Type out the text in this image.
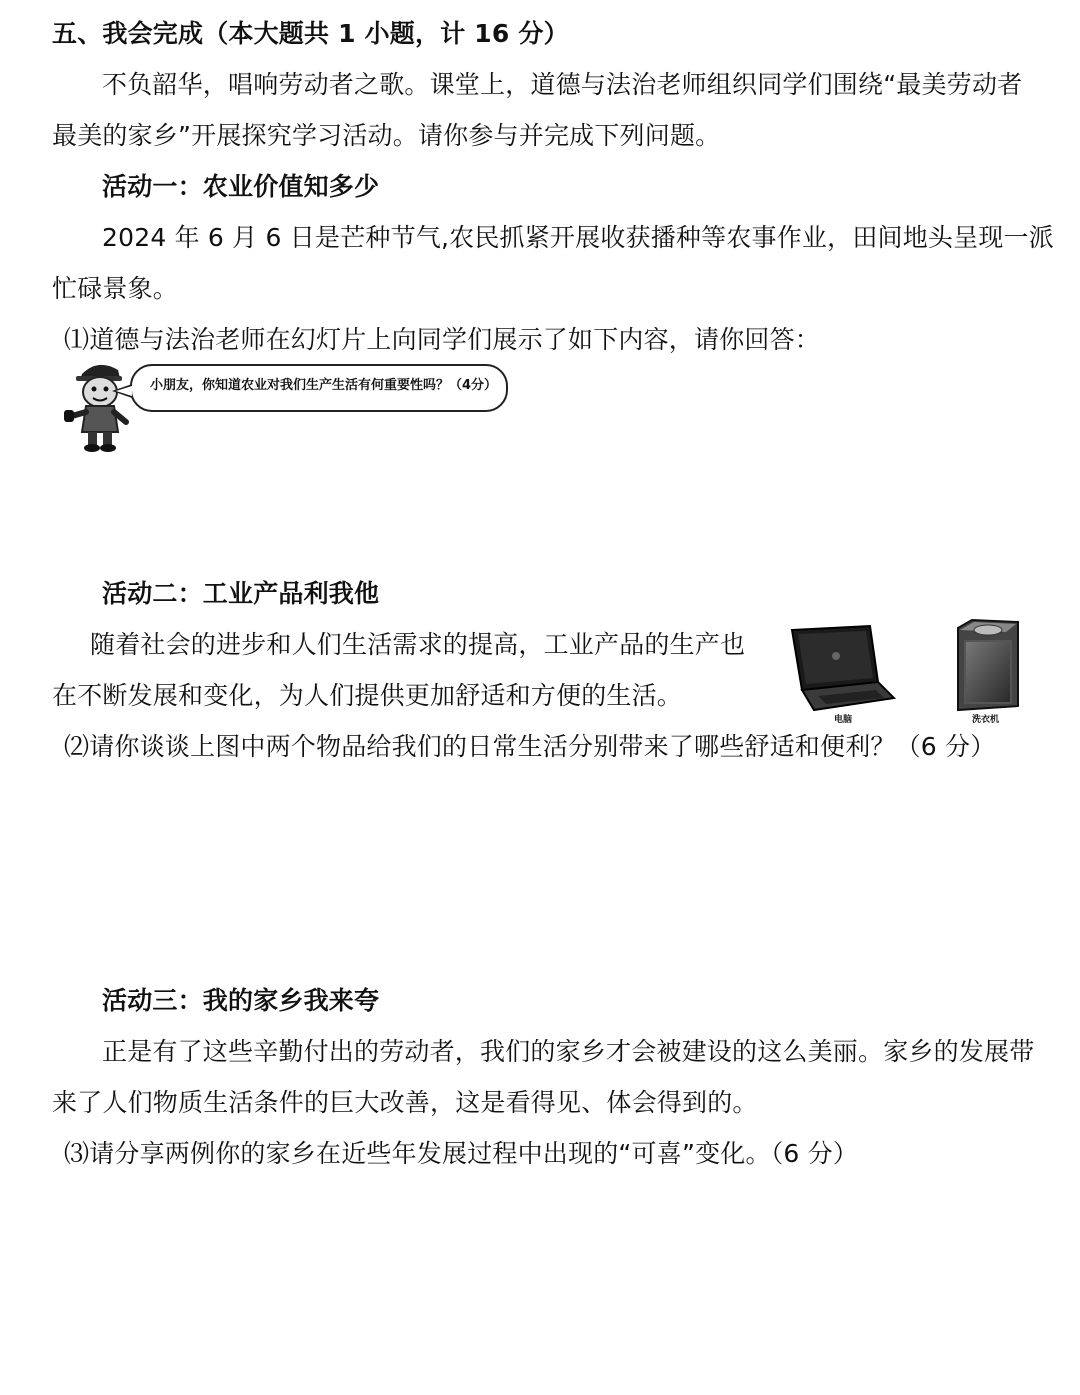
五、我会完成（本大题共 1 小题，计 16 分）
不负韶华，唱响劳动者之歌。课堂上，道德与法治老师组织同学们围绕“最美劳动者
最美的家乡”开展探究学习活动。请你参与并完成下列问题。
活动一：农业价值知多少
2024 年 6 月 6 日是芒种节气,农民抓紧开展收获播种等农事作业，田间地头呈现一派
忙碌景象。
⑴道德与法治老师在幻灯片上向同学们展示了如下内容，请你回答：
小朋友，你知道农业对我们生产生活有何重要性吗？（4分）
活动二：工业产品利我他
随着社会的进步和人们生活需求的提高，工业产品的生产也
在不断发展和变化，为人们提供更加舒适和方便的生活。
电脑	洗衣机
⑵请你谈谈上图中两个物品给我们的日常生活分别带来了哪些舒适和便利？（6 分）
活动三：我的家乡我来夸
正是有了这些辛勤付出的劳动者，我们的家乡才会被建设的这么美丽。家乡的发展带
来了人们物质生活条件的巨大改善，这是看得见、体会得到的。
⑶请分享两例你的家乡在近些年发展过程中出现的“可喜”变化。（6 分）
